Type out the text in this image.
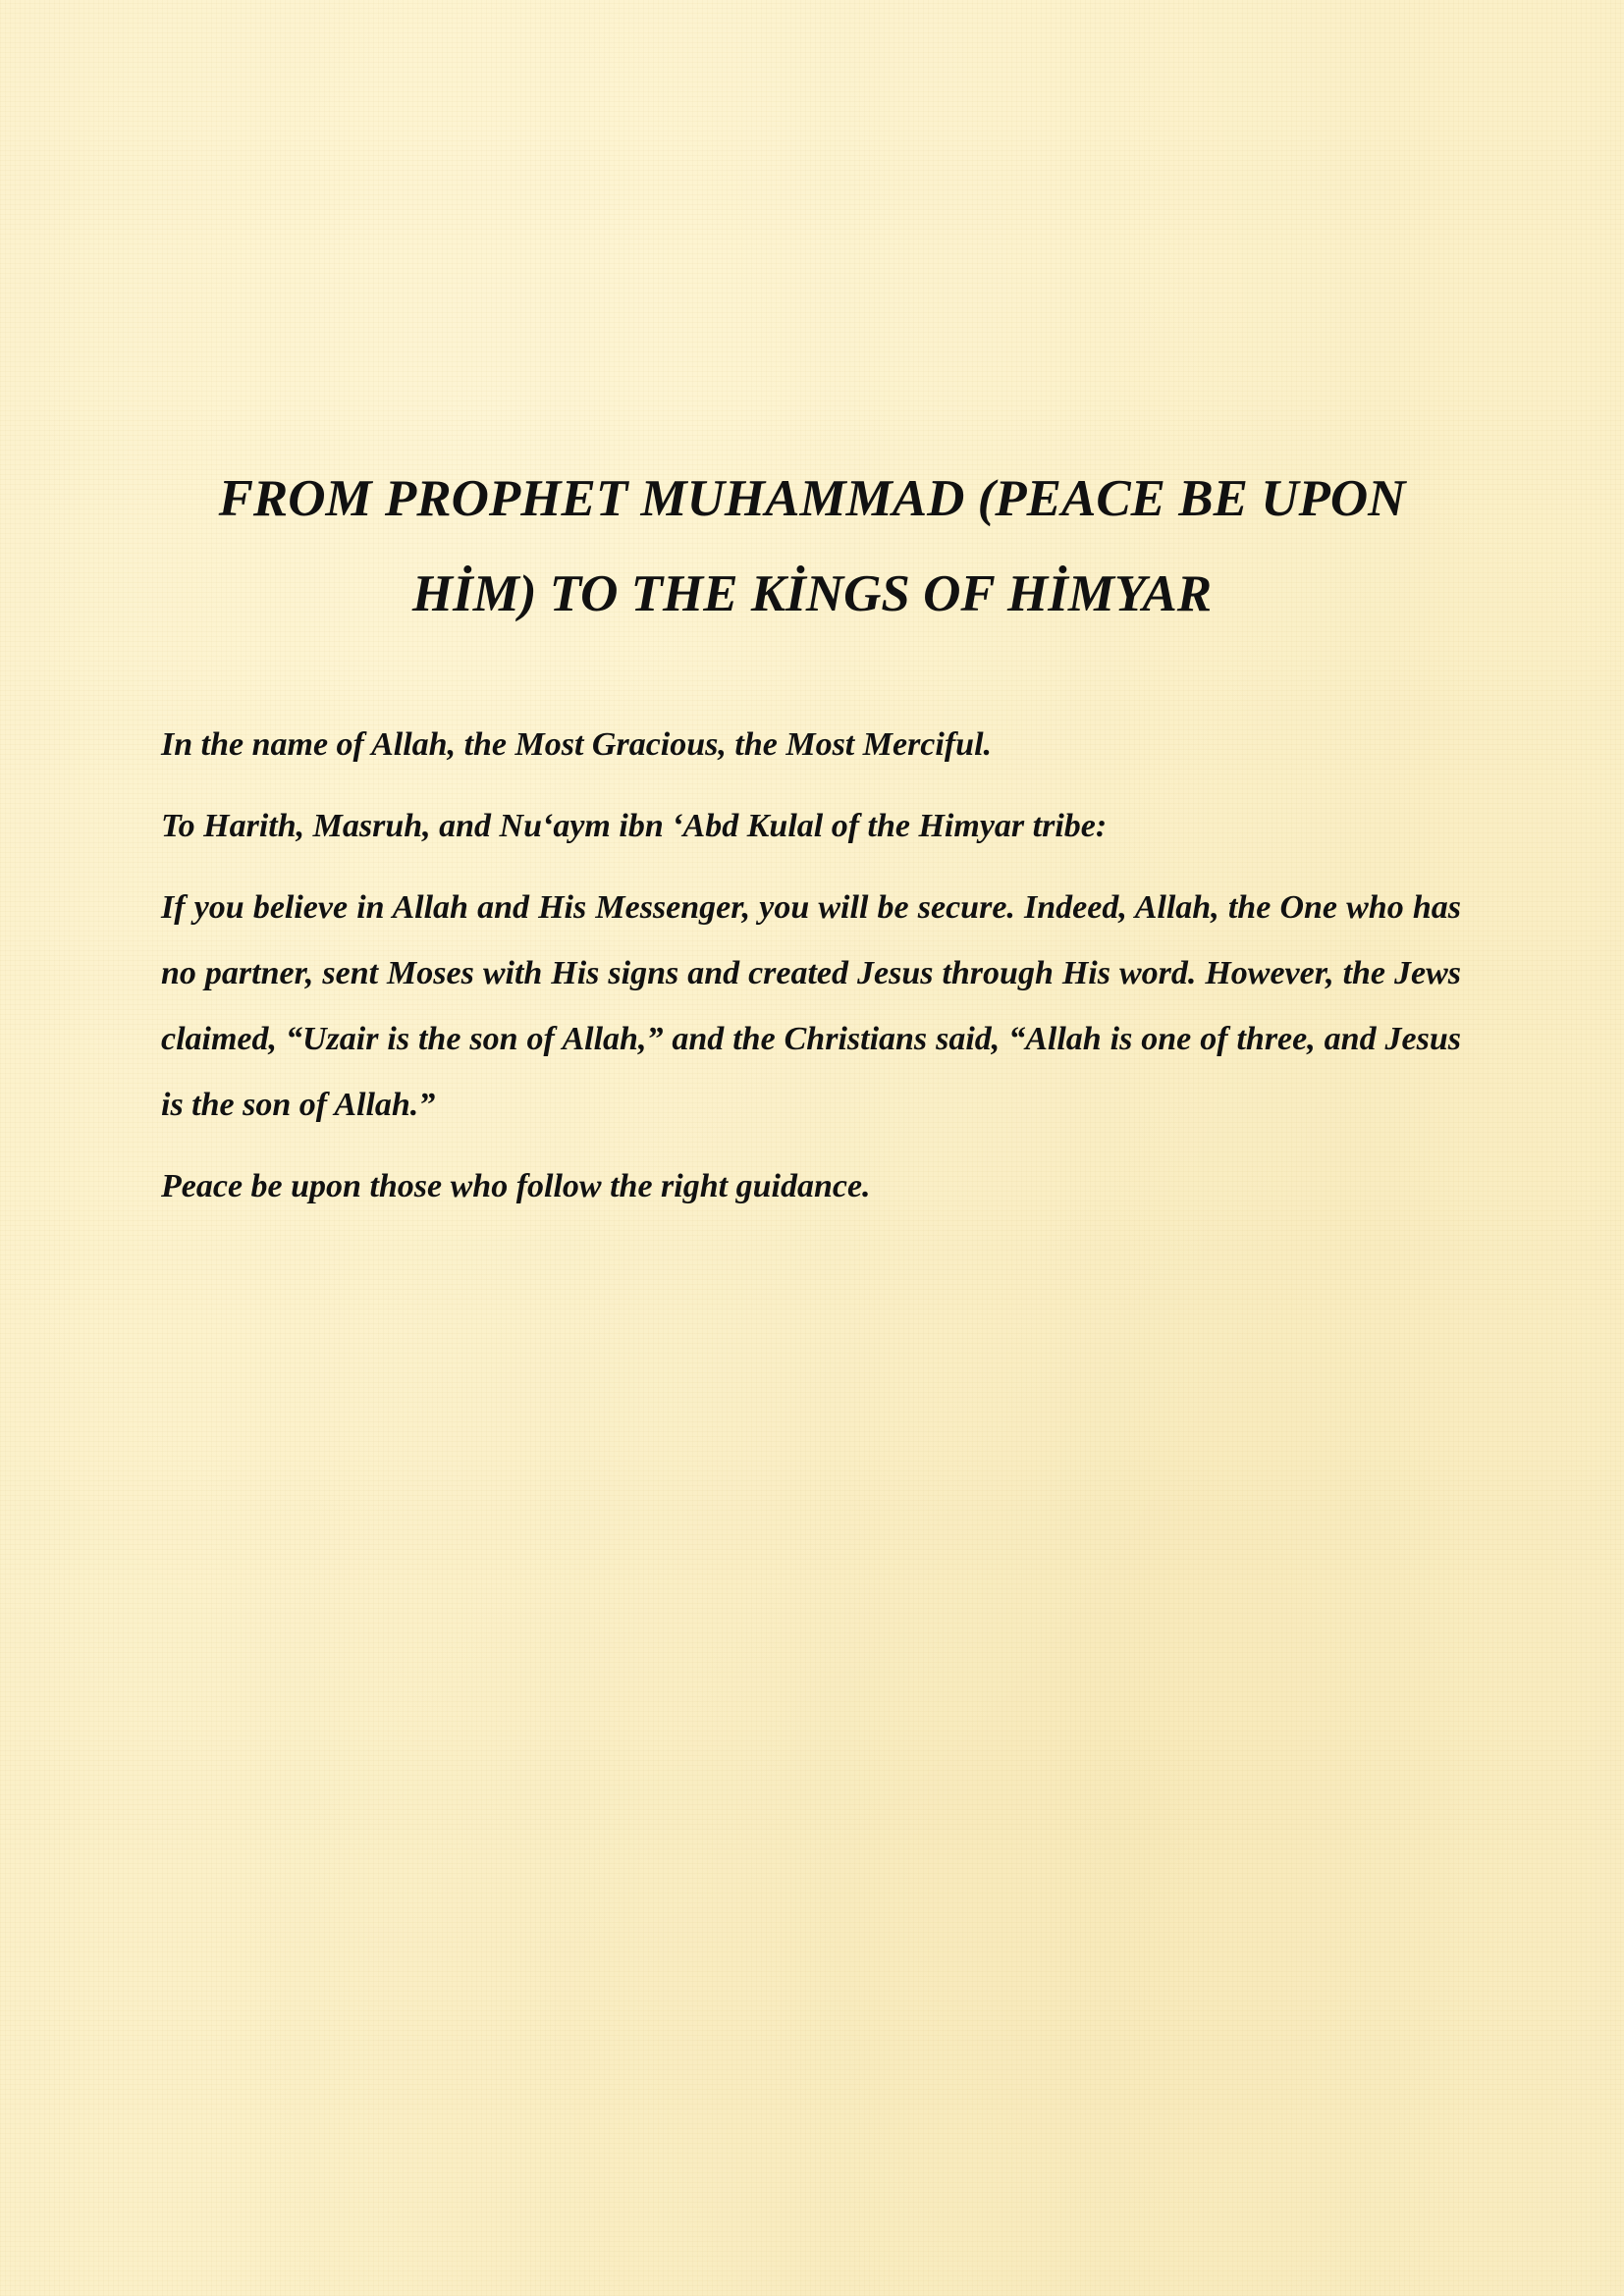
FROM PROPHET MUHAMMAD (PEACE BE UPON
HİM) TO THE KİNGS OF HİMYAR

In the name of Allah, the Most Gracious, the Most Merciful.

To Harith, Masruh, and Nu‘aym ibn ‘Abd Kulal of the Himyar tribe:

If you believe in Allah and His Messenger, you will be secure. Indeed, Allah, the One who has no partner, sent Moses with His signs and created Jesus through His word. However, the Jews claimed, “Uzair is the son of Allah,” and the Christians said, “Allah is one of three, and Jesus is the son of Allah.”

Peace be upon those who follow the right guidance.
